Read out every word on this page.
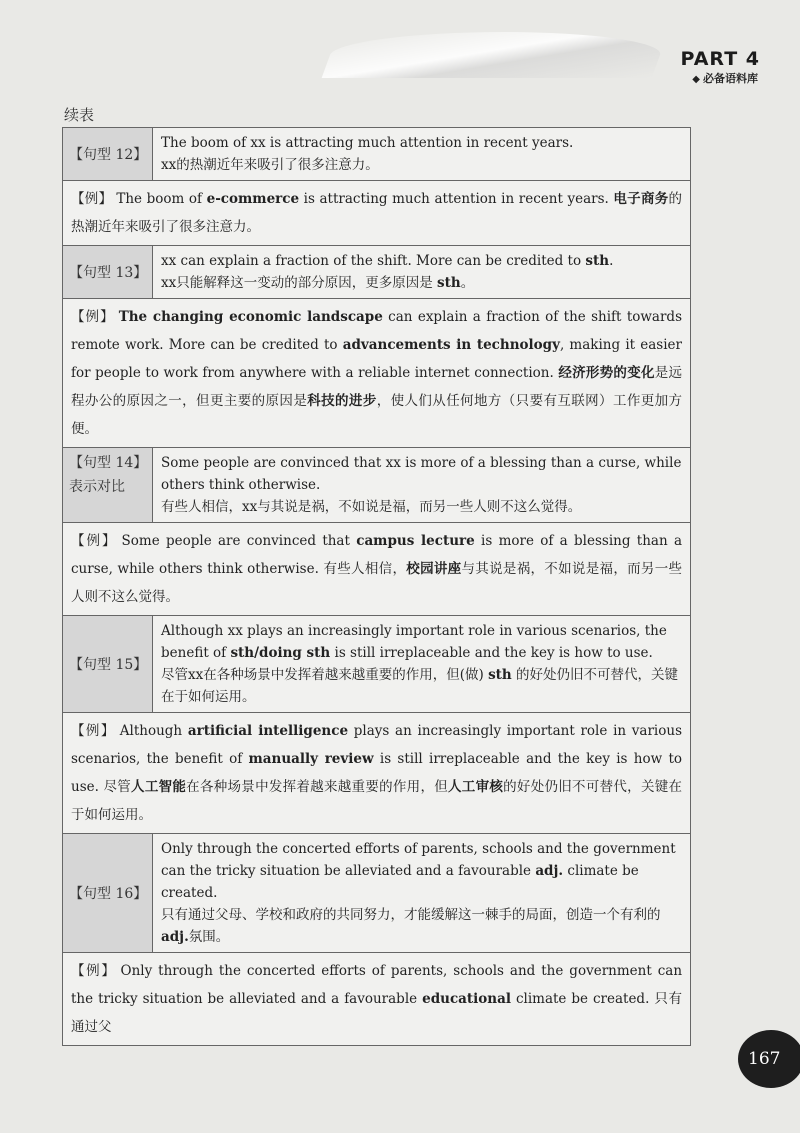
PART 4
◆ 必备语料库
续表
【句型 12】
The boom of xx is attracting much attention in recent years.
xx的热潮近年来吸引了很多注意力。
【例】 The boom of e-commerce is attracting much attention in recent years. 电子商务的热潮近年来吸引了很多注意力。
【句型 13】
xx can explain a fraction of the shift. More can be credited to sth.
xx只能解释这一变动的部分原因，更多原因是 sth。
【例】 The changing economic landscape can explain a fraction of the shift towards remote work. More can be credited to advancements in technology, making it easier for people to work from anywhere with a reliable internet connection. 经济形势的变化是远程办公的原因之一，但更主要的原因是科技的进步，使人们从任何地方（只要有互联网）工作更加方便。
【句型 14】
表示对比
Some people are convinced that xx is more of a blessing than a curse, while others think otherwise.
有些人相信，xx与其说是祸，不如说是福，而另一些人则不这么觉得。
【例】 Some people are convinced that campus lecture is more of a blessing than a curse, while others think otherwise. 有些人相信，校园讲座与其说是祸，不如说是福，而另一些人则不这么觉得。
【句型 15】
Although xx plays an increasingly important role in various scenarios, the benefit of sth/doing sth is still irreplaceable and the key is how to use.
尽管xx在各种场景中发挥着越来越重要的作用，但(做) sth 的好处仍旧不可替代，关键在于如何运用。
【例】 Although artificial intelligence plays an increasingly important role in various scenarios, the benefit of manually review is still irreplaceable and the key is how to use. 尽管人工智能在各种场景中发挥着越来越重要的作用，但人工审核的好处仍旧不可替代，关键在于如何运用。
【句型 16】
Only through the concerted efforts of parents, schools and the government can the tricky situation be alleviated and a favourable adj. climate be created.
只有通过父母、学校和政府的共同努力，才能缓解这一棘手的局面，创造一个有利的 adj.氛围。
【例】 Only through the concerted efforts of parents, schools and the government can the tricky situation be alleviated and a favourable educational climate be created. 只有通过父
167
